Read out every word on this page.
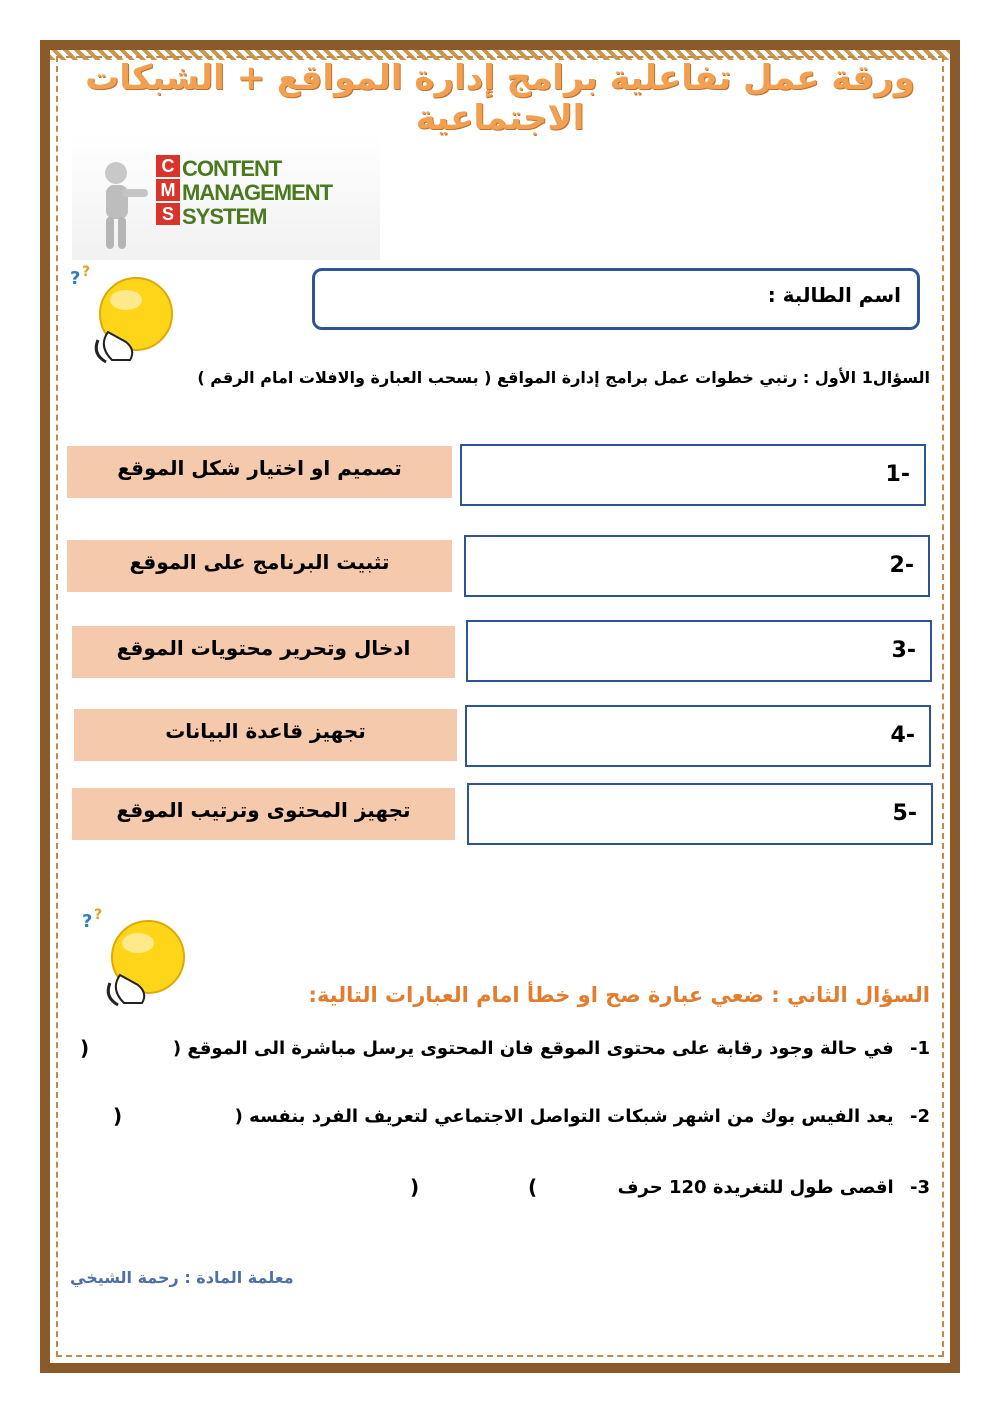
ورقة عمل تفاعلية برامج إدارة المواقع + الشبكات الاجتماعية
C
M
S
CONTENT
MANAGEMENT
SYSTEM
? ?
اسم الطالبة :
السؤال1 الأول : رتبي خطوات عمل برامج إدارة المواقع ( بسحب العبارة والافلات امام الرقم )
تصميم او اختيار شكل الموقع	-1
تثبيت البرنامج على الموقع	-2
ادخال وتحرير محتويات الموقع	-3
تجهيز قاعدة البيانات	-4
تجهيز المحتوى وترتيب الموقع	-5
? ?
السؤال الثاني : ضعي عبارة صح او خطأ امام العبارات التالية:
1- في حالة وجود رقابة على محتوى الموقع فان المحتوى يرسل مباشرة الى الموقع (
)
2- يعد الفيس بوك من اشهر شبكات التواصل الاجتماعي لتعريف الفرد بنفسه (
)
3- اقصى طول للتغريدة 120 حرف
(
)
معلمة المادة : رحمة الشيخي
